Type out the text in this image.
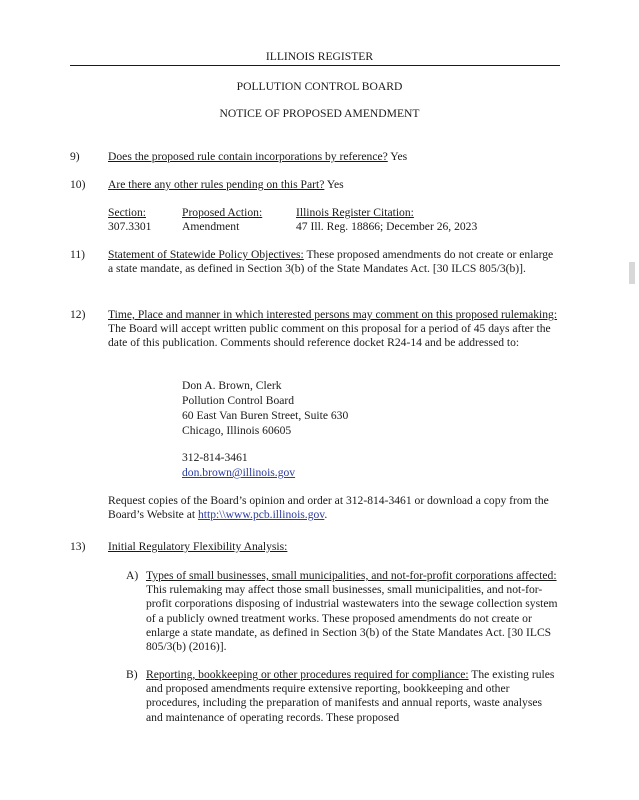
ILLINOIS REGISTER
POLLUTION CONTROL BOARD
NOTICE OF PROPOSED AMENDMENT
9) Does the proposed rule contain incorporations by reference? Yes
10) Are there any other rules pending on this Part? Yes
Section:	Proposed Action:	Illinois Register Citation:
307.3301	Amendment	47 Ill. Reg. 18866; December 26, 2023
11) Statement of Statewide Policy Objectives: These proposed amendments do not create or enlarge a state mandate, as defined in Section 3(b) of the State Mandates Act. [30 ILCS 805/3(b)].

12) Time, Place and manner in which interested persons may comment on this proposed rulemaking: The Board will accept written public comment on this proposal for a period of 45 days after the date of this publication. Comments should reference docket R24-14 and be addressed to:

Don A. Brown, Clerk
Pollution Control Board
60 East Van Buren Street, Suite 630
Chicago, Illinois 60605
312-814-3461
don.brown@illinois.gov

Request copies of the Board’s opinion and order at 312-814-3461 or download a copy from the Board’s Website at http:\\www.pcb.illinois.gov.

13) Initial Regulatory Flexibility Analysis:
A) Types of small businesses, small municipalities, and not-for-profit corporations affected: This rulemaking may affect those small businesses, small municipalities, and not-for-profit corporations disposing of industrial wastewaters into the sewage collection system of a publicly owned treatment works. These proposed amendments do not create or enlarge a state mandate, as defined in Section 3(b) of the State Mandates Act. [30 ILCS 805/3(b) (2016)].

B) Reporting, bookkeeping or other procedures required for compliance: The existing rules and proposed amendments require extensive reporting, bookkeeping and other procedures, including the preparation of manifests and annual reports, waste analyses and maintenance of operating records. These proposed
